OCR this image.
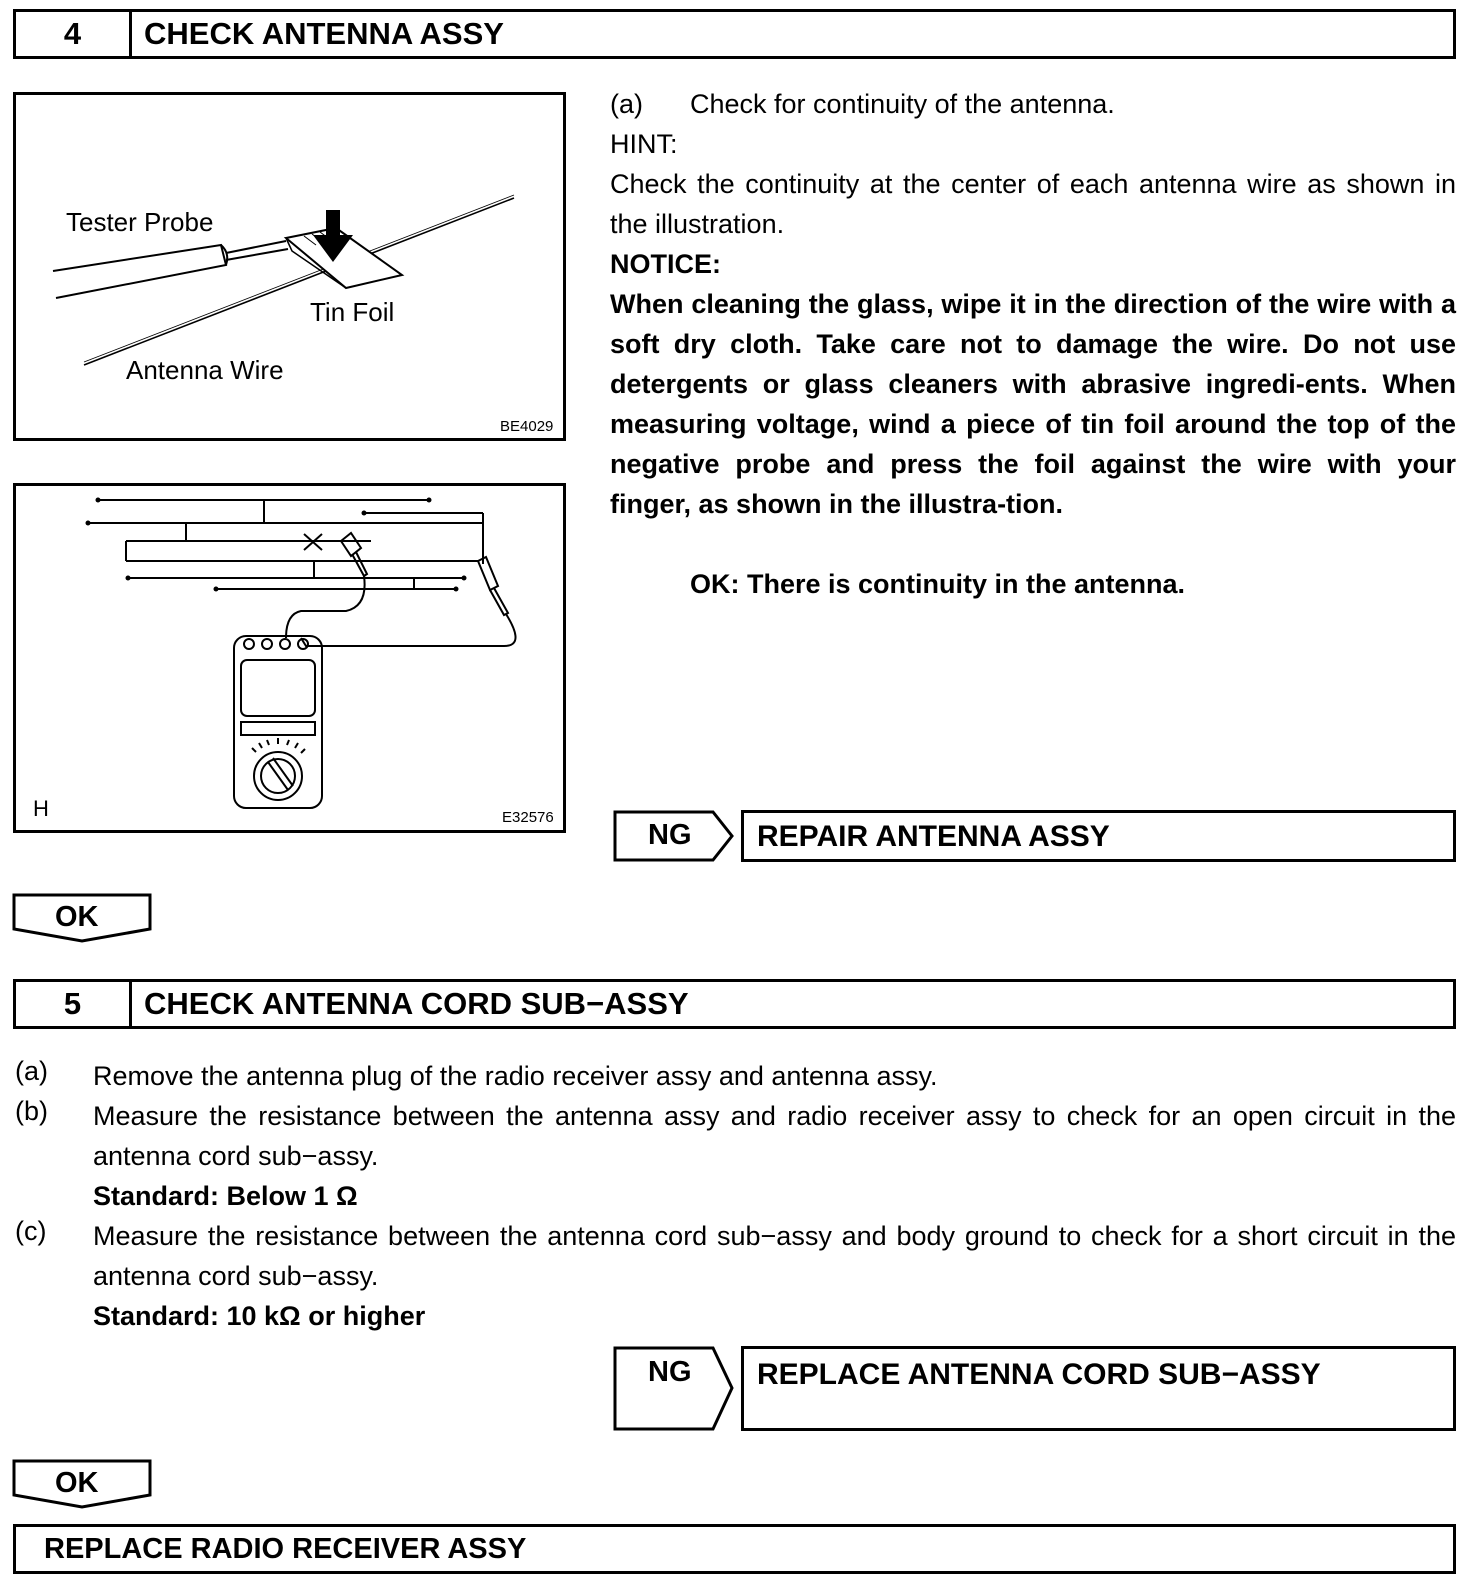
4	CHECK ANTENNA ASSY
Tester Probe
Tin Foil
Antenna Wire
BE4029
H	E32576
(a) Check for continuity of the antenna.
HINT:
Check the continuity at the center of each antenna wire as shown in the illustration.
NOTICE:
When cleaning the glass, wipe it in the direction of the wire with a soft dry cloth. Take care not to damage the wire. Do not use detergents or glass cleaners with abrasive ingredi-ents. When measuring voltage, wind a piece of tin foil around the top of the negative probe and press the foil against the wire with your finger, as shown in the illustra-tion.
OK: There is continuity in the antenna.
NG REPAIR ANTENNA ASSY
OK
5	CHECK ANTENNA CORD SUB−ASSY
(a) Remove the antenna plug of the radio receiver assy and antenna assy.
(b) Measure the resistance between the antenna assy and radio receiver assy to check for an open circuit in the antenna cord sub−assy.
Standard: Below 1 Ω
(c) Measure the resistance between the antenna cord sub−assy and body ground to check for a short circuit in the antenna cord sub−assy.
Standard: 10 kΩ or higher
NG REPLACE ANTENNA CORD SUB−ASSY
OK
REPLACE RADIO RECEIVER ASSY
